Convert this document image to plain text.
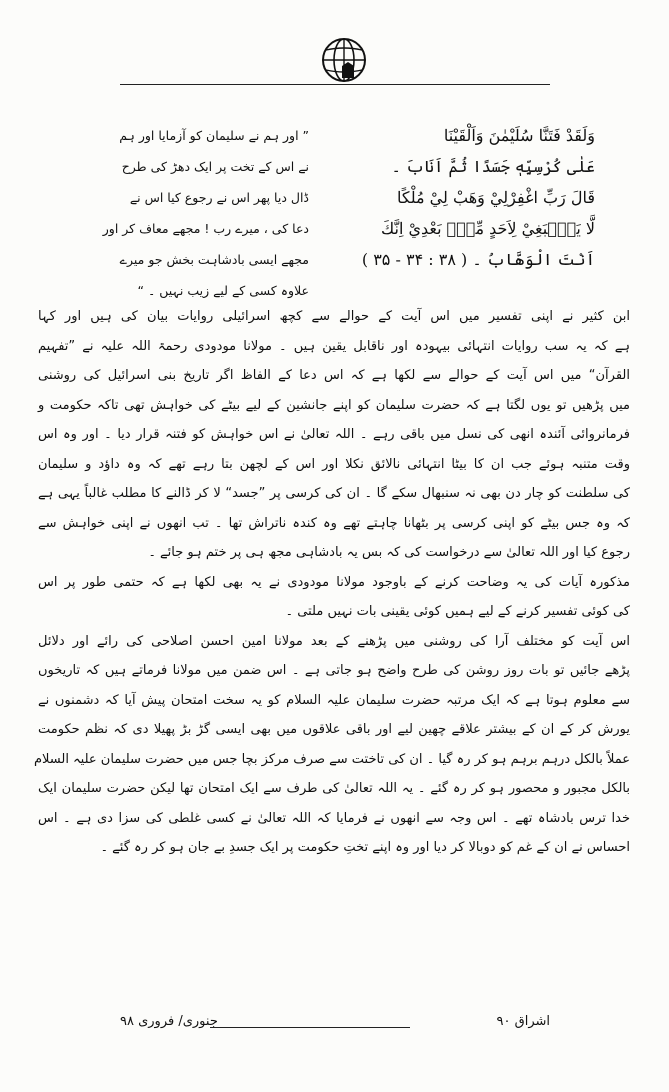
وَلَقَدْ فَتَنَّا سُلَيْمٰنَ وَاَلْقَيْنَا
عَلٰى كُرْسِيِّهٖ جَسَدًا ثُمَّ اَنَابَ ۔
قَالَ رَبِّ اغْفِرْلِيْ وَهَبْ لِيْ مُلْكًا
لَّا يَنْۢبَغِيْ لِاَحَدٍ مِّنْۢ بَعْدِيْ اِنَّكَ
اَنْتَ الْوَهَّابُ ۔ ( ۳۸ : ۳۴ - ۳۵ )
” اور ہم نے سلیمان کو آزمایا اور ہم
نے اس کے تخت پر ایک دھڑ کی طرح
ڈال دیا پھر اس نے رجوع کیا اس نے
دعا کی ، میرے رب ! مجھے معاف کر اور
مجھے ایسی بادشاہت بخش جو میرے
علاوہ کسی کے لیے زیب نہیں ۔ “
ابن کثیر نے اپنی تفسیر میں اس آیت کے حوالے سے کچھ اسرائیلی روایات بیان کی ہیں اور کہا
ہے کہ یہ سب روایات انتہائی بیہودہ اور ناقابل یقین ہیں ۔ مولانا مودودی رحمۃ اللہ علیہ نے ”تفہیم
القرآن“ میں اس آیت کے حوالے سے لکھا ہے کہ اس دعا کے الفاظ اگر تاریخ بنی اسرائیل کی روشنی
میں پڑھیں تو یوں لگتا ہے کہ حضرت سلیمان کو اپنے جانشین کے لیے بیٹے کی خواہش تھی تاکہ حکومت و
فرمانروائی آئندہ انھی کی نسل میں باقی رہے ۔ اللہ تعالیٰ نے اس خواہش کو فتنہ قرار دیا ۔ اور وہ اس
وقت متنبہ ہوئے جب ان کا بیٹا انتہائی نالائق نکلا اور اس کے لچھن بتا رہے تھے کہ وہ داؤد و سلیمان
کی سلطنت کو چار دن بھی نہ سنبھال سکے گا ۔ ان کی کرسی پر ”جسد“ لا کر ڈالنے کا مطلب غالباً یہی ہے
کہ وہ جس بیٹے کو اپنی کرسی پر بٹھانا چاہتے تھے وہ کندہ ناتراش تھا ۔ تب انھوں نے اپنی خواہش سے
رجوع کیا اور اللہ تعالیٰ سے درخواست کی کہ بس یہ بادشاہی مجھ ہی پر ختم ہو جائے ۔
مذکورہ آیات کی یہ وضاحت کرنے کے باوجود مولانا مودودی نے یہ بھی لکھا ہے کہ حتمی طور پر اس
کی کوئی تفسیر کرنے کے لیے ہمیں کوئی یقینی بات نہیں ملتی ۔
اس آیت کو مختلف آرا کی روشنی میں پڑھنے کے بعد مولانا امین احسن اصلاحی کی رائے اور دلائل
پڑھے جائیں تو بات روز روشن کی طرح واضح ہو جاتی ہے ۔ اس ضمن میں مولانا فرماتے ہیں کہ تاریخوں
سے معلوم ہوتا ہے کہ ایک مرتبہ حضرت سلیمان علیہ السلام کو یہ سخت امتحان پیش آیا کہ دشمنوں نے
یورش کر کے ان کے بیشتر علاقے چھین لیے اور باقی علاقوں میں بھی ایسی گڑ بڑ پھیلا دی کہ نظم حکومت
عملاً بالکل درہم برہم ہو کر رہ گیا ۔ ان کی تاختت سے صرف مرکز بچا جس میں حضرت سلیمان علیہ السلام
بالکل مجبور و محصور ہو کر رہ گئے ۔ یہ اللہ تعالیٰ کی طرف سے ایک امتحان تھا لیکن حضرت سلیمان ایک
خدا ترس بادشاہ تھے ۔ اس وجہ سے انھوں نے فرمایا کہ اللہ تعالیٰ نے کسی غلطی کی سزا دی ہے ۔ اس
احساس نے ان کے غم کو دوبالا کر دیا اور وہ اپنے تختِ حکومت پر ایک جسدِ بے جان ہو کر رہ گئے ۔
اشراق ۹۰
جنوری/ فروری ۹۸
